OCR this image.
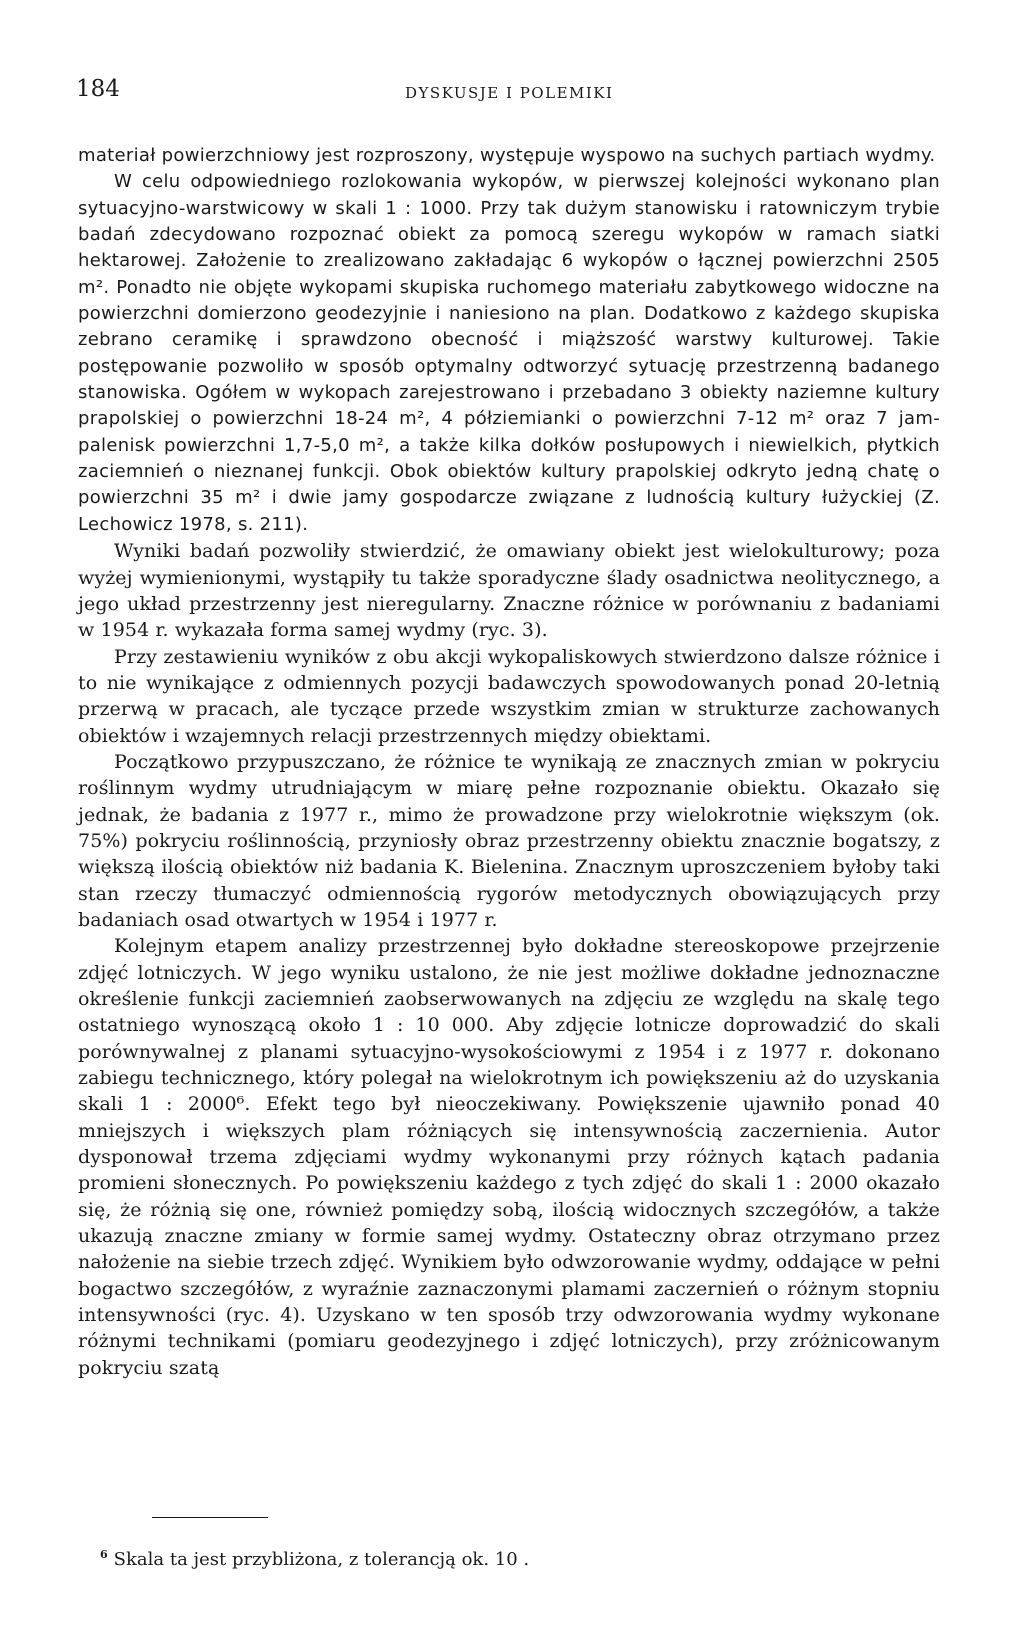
184	DYSKUSJE I POLEMIKI

materiał powierzchniowy jest rozproszony, występuje wyspowo na suchych partiach wydmy.

W celu odpowiedniego rozlokowania wykopów, w pierwszej kolejności wykonano plan sytuacyjno-warstwicowy w skali 1 : 1000. Przy tak dużym stanowisku i ratowniczym trybie badań zdecydowano rozpoznać obiekt za pomocą szeregu wykopów w ramach siatki hektarowej. Założenie to zrealizowano zakładając 6 wykopów o łącznej powierzchni 2505 m². Ponadto nie objęte wykopami skupiska ruchomego materiału zabytkowego widoczne na powierzchni domierzono geodezyjnie i naniesiono na plan. Dodatkowo z każdego skupiska zebrano ceramikę i sprawdzono obecność i miąższość warstwy kulturowej. Takie postępowanie pozwoliło w sposób optymalny odtworzyć sytuację przestrzenną badanego stanowiska. Ogółem w wykopach zarejestrowano i przebadano 3 obiekty naziemne kultury prapolskiej o powierzchni 18-24 m², 4 półziemianki o powierzchni 7-12 m² oraz 7 jam-palenisk powierzchni 1,7-5,0 m², a także kilka dołków posłupowych i niewielkich, płytkich zaciemnień o nieznanej funkcji. Obok obiektów kultury prapolskiej odkryto jedną chatę o powierzchni 35 m² i dwie jamy gospodarcze związane z ludnością kultury łużyckiej (Z. Lechowicz 1978, s. 211).

Wyniki badań pozwoliły stwierdzić, że omawiany obiekt jest wielokulturowy; poza wyżej wymienionymi, wystąpiły tu także sporadyczne ślady osadnictwa neolitycznego, a jego układ przestrzenny jest nieregularny. Znaczne różnice w porównaniu z badaniami w 1954 r. wykazała forma samej wydmy (ryc. 3).

Przy zestawieniu wyników z obu akcji wykopaliskowych stwierdzono dalsze różnice i to nie wynikające z odmiennych pozycji badawczych spowodowanych ponad 20-letnią przerwą w pracach, ale tyczące przede wszystkim zmian w strukturze zachowanych obiektów i wzajemnych relacji przestrzennych między obiektami.

Początkowo przypuszczano, że różnice te wynikają ze znacznych zmian w pokryciu roślinnym wydmy utrudniającym w miarę pełne rozpoznanie obiektu. Okazało się jednak, że badania z 1977 r., mimo że prowadzone przy wielokrotnie większym (ok. 75%) pokryciu roślinnością, przyniosły obraz przestrzenny obiektu znacznie bogatszy, z większą ilością obiektów niż badania K. Bielenina. Znacznym uproszczeniem byłoby taki stan rzeczy tłumaczyć odmiennością rygorów metodycznych obowiązujących przy badaniach osad otwartych w 1954 i 1977 r.

Kolejnym etapem analizy przestrzennej było dokładne stereoskopowe przejrzenie zdjęć lotniczych. W jego wyniku ustalono, że nie jest możliwe dokładne jednoznaczne określenie funkcji zaciemnień zaobserwowanych na zdjęciu ze względu na skalę tego ostatniego wynoszącą około 1 : 10 000. Aby zdjęcie lotnicze doprowadzić do skali porównywalnej z planami sytuacyjno-wysokościowymi z 1954 i z 1977 r. dokonano zabiegu technicznego, który polegał na wielokrotnym ich powiększeniu aż do uzyskania skali 1 : 2000⁶. Efekt tego był nieoczekiwany. Powiększenie ujawniło ponad 40 mniejszych i większych plam różniących się intensywnością zaczernienia. Autor dysponował trzema zdjęciami wydmy wykonanymi przy różnych kątach padania promieni słonecznych. Po powiększeniu każdego z tych zdjęć do skali 1 : 2000 okazało się, że różnią się one, również pomiędzy sobą, ilością widocznych szczegółów, a także ukazują znaczne zmiany w formie samej wydmy. Ostateczny obraz otrzymano przez nałożenie na siebie trzech zdjęć. Wynikiem było odwzorowanie wydmy, oddające w pełni bogactwo szczegółów, z wyraźnie zaznaczonymi plamami zaczernień o różnym stopniu intensywności (ryc. 4). Uzyskano w ten sposób trzy odwzorowania wydmy wykonane różnymi technikami (pomiaru geodezyjnego i zdjęć lotniczych), przy zróżnicowanym pokryciu szatą

$^6$ Skala ta jest przybliżona, z tolerancją ok. 10 .
